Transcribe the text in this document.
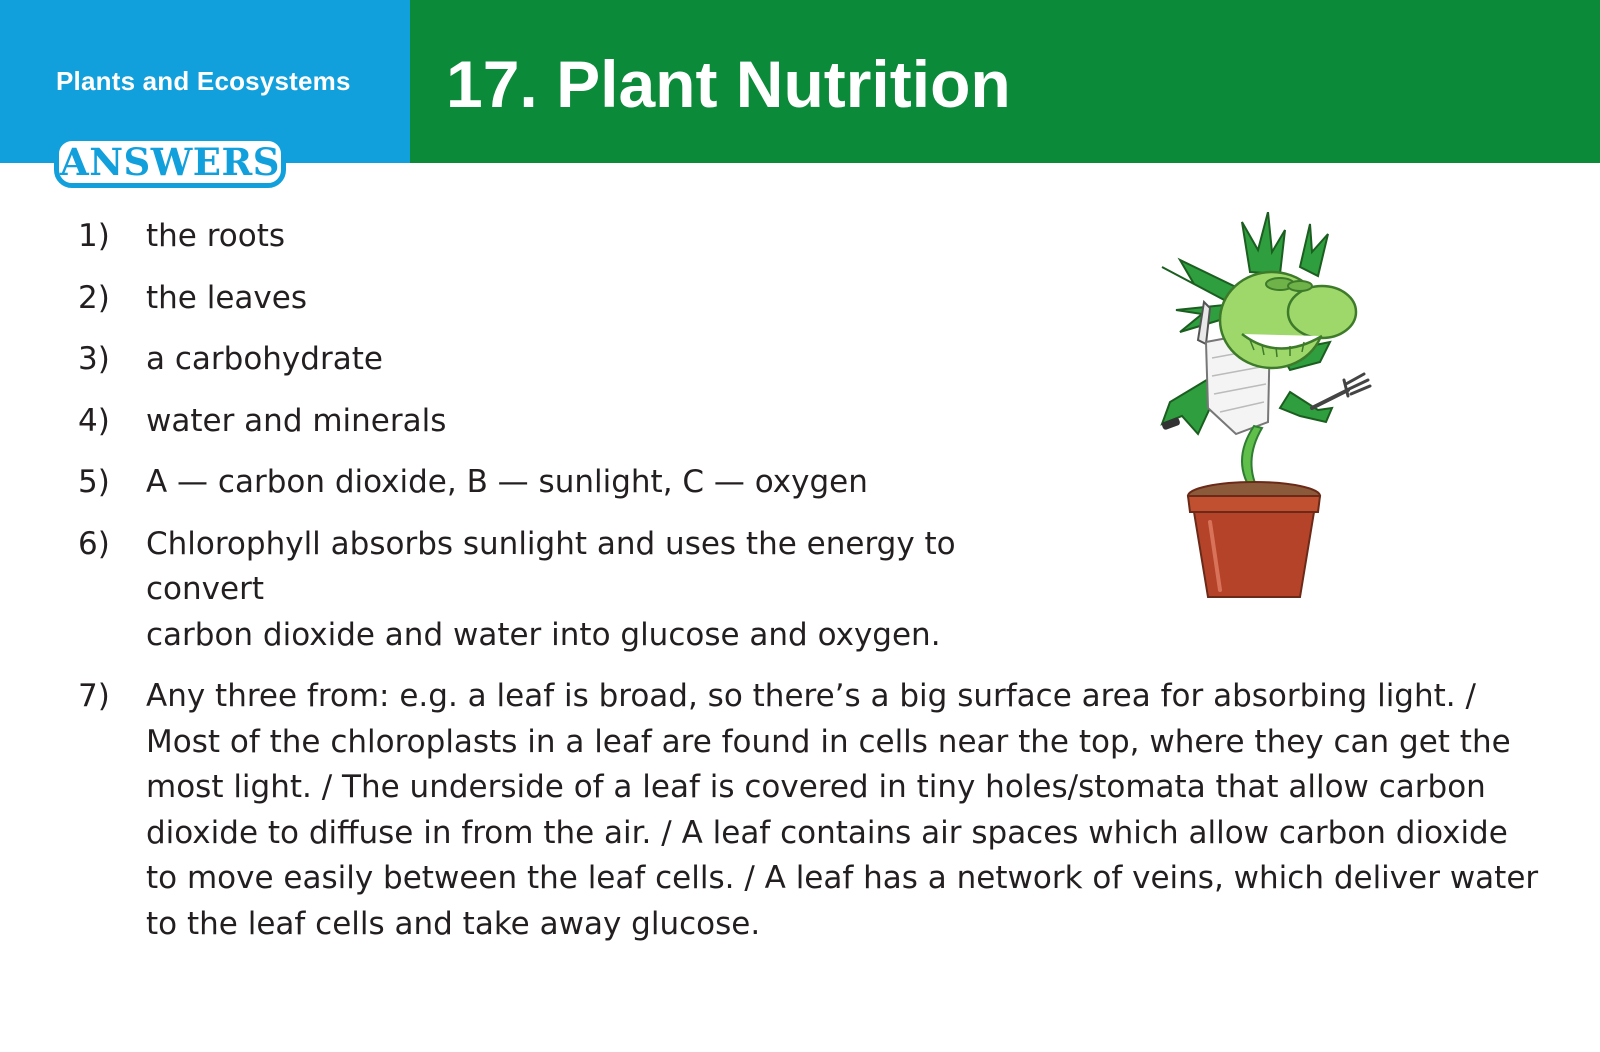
Plants and Ecosystems 17. Plant Nutrition
ANSWERS
1)	the roots
2)	the leaves
3)	a carbohydrate
4)	water and minerals
5)	A — carbon dioxide, B — sunlight, C — oxygen
6)	Chlorophyll absorbs sunlight and uses the energy to convert
carbon dioxide and water into glucose and oxygen.
7)	Any three from: e.g. a leaf is broad, so there’s a big surface area for absorbing light. /
Most of the chloroplasts in a leaf are found in cells near the top, where they can get the
most light. / The underside of a leaf is covered in tiny holes/stomata that allow carbon
dioxide to diffuse in from the air. / A leaf contains air spaces which allow carbon dioxide
to move easily between the leaf cells. / A leaf has a network of veins, which deliver water
to the leaf cells and take away glucose.
